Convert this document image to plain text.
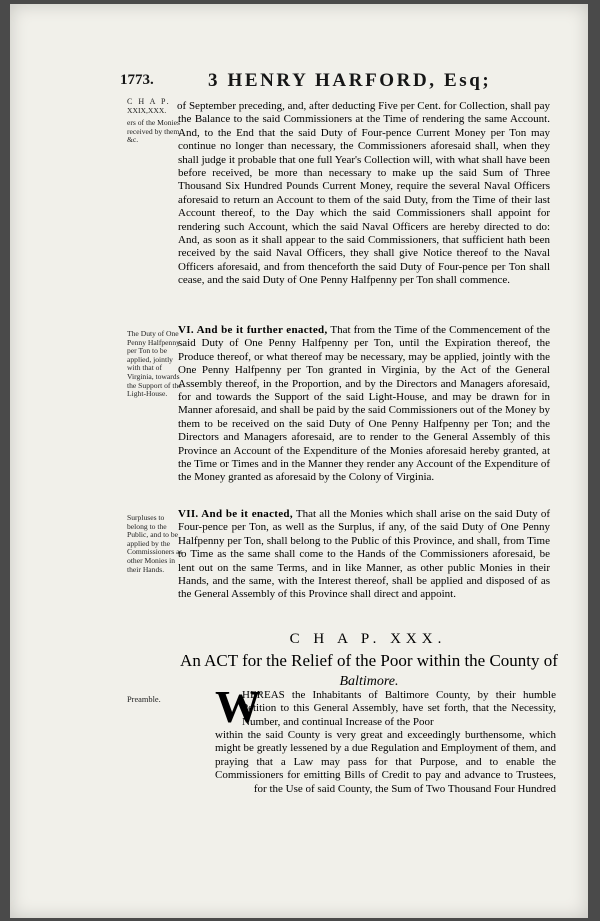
1773.	3 HENRY HARFORD, Esq;
C H A P.
XXIX,XXX.
ers of the Monies received by them, &c.
of September preceding, and, after deducting Five per Cent. for Collection, shall pay the Balance to the said Commissioners at the Time of rendering the same Account. And, to the End that the said Duty of Four-pence Current Money per Ton may continue no longer than necessary, the Commissioners aforesaid shall, when they shall judge it probable that one full Year's Collection will, with what shall have been before received, be more than necessary to make up the said Sum of Three Thousand Six Hundred Pounds Current Money, require the several Naval Officers aforesaid to return an Account to them of the said Duty, from the Time of their last Account thereof, to the Day which the said Commissioners shall appoint for rendering such Account, which the said Naval Officers are hereby directed to do: And, as soon as it shall appear to the said Commissioners, that sufficient hath been received by the said Naval Officers, they shall give Notice thereof to the Naval Officers aforesaid, and from thenceforth the said Duty of Four-pence per Ton shall cease, and the said Duty of One Penny Halfpenny per Ton shall commence.
The Duty of One Penny Halfpenny per Ton to be applied, jointly with that of Virginia, towards the Support of the Light-House.
VI. And be it further enacted, That from the Time of the Commencement of the said Duty of One Penny Halfpenny per Ton, until the Expiration thereof, the Produce thereof, or what thereof may be necessary, may be applied, jointly with the One Penny Halfpenny per Ton granted in Virginia, by the Act of the General Assembly thereof, in the Proportion, and by the Directors and Managers aforesaid, for and towards the Support of the said Light-House, and may be drawn for in Manner aforesaid, and shall be paid by the said Commissioners out of the Money by them to be received on the said Duty of One Penny Halfpenny per Ton; and the Directors and Managers aforesaid, are to render to the General Assembly of this Province an Account of the Expenditure of the Monies aforesaid hereby granted, at the Time or Times and in the Manner they render any Account of the Expenditure of the Money granted as aforesaid by the Colony of Virginia.
Surpluses to belong to the Public, and to be applied by the Commissioners as other Monies in their Hands.
VII. And be it enacted, That all the Monies which shall arise on the said Duty of Four-pence per Ton, as well as the Surplus, if any, of the said Duty of One Penny Halfpenny per Ton, shall belong to the Public of this Province, and shall, from Time to Time as the same shall come to the Hands of the Commissioners aforesaid, be lent out on the same Terms, and in like Manner, as other public Monies in their Hands, and the same, with the Interest thereof, shall be applied and disposed of as the General Assembly of this Province shall direct and appoint.
C H A P. XXX.
An ACT for the Relief of the Poor within the County of
Baltimore.
Preamble.	W
HEREAS the Inhabitants of Baltimore County, by their humble Petition to this General Assembly, have set forth, that the Necessity, Number, and continual Increase of the Poor
within the said County is very great and exceedingly burthensome, which might be greatly lessened by a due Regulation and Employment of them, and praying that a Law may pass for that Purpose, and to enable the Commissioners for emitting Bills of Credit to pay and advance to Trustees, for the Use of said County, the Sum of Two Thousand Four Hundred
